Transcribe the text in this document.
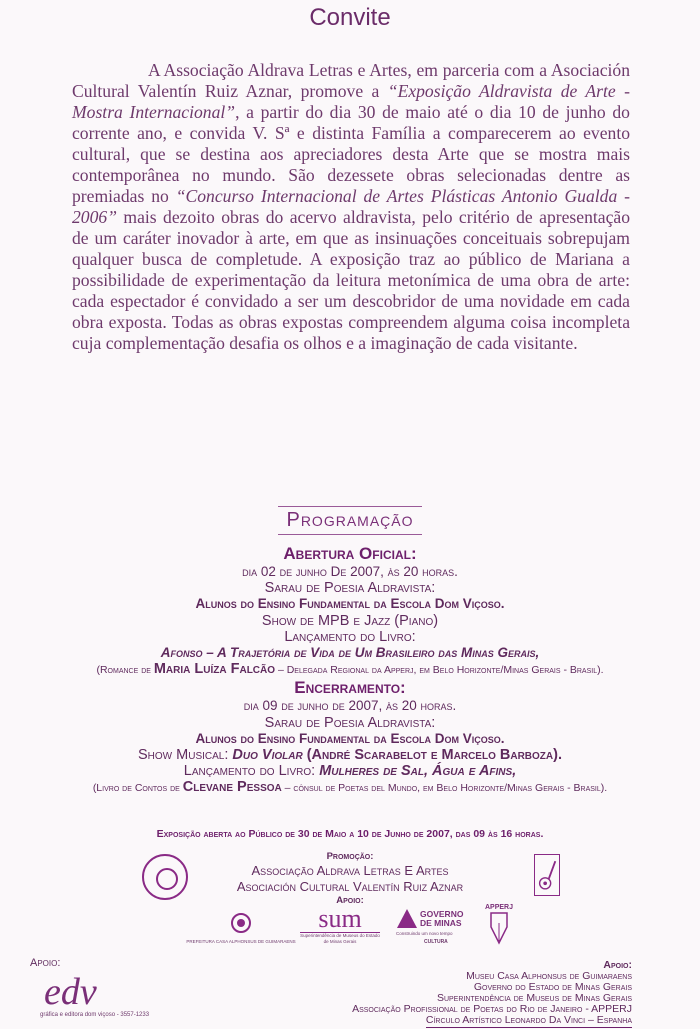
Convite
A Associação Aldrava Letras e Artes, em parceria com a Asociación Cultural Valentín Ruiz Aznar, promove a “Exposição Aldravista de Arte - Mostra Internacional”, a partir do dia 30 de maio até o dia 10 de junho do corrente ano, e convida V. Sª e distinta Família a comparecerem ao evento cultural, que se destina aos apreciadores desta Arte que se mostra mais contemporânea no mundo. São dezessete obras selecionadas dentre as premiadas no “Concurso Internacional de Artes Plásticas Antonio Gualda - 2006” mais dezoito obras do acervo aldravista, pelo critério de apresentação de um caráter inovador à arte, em que as insinuações conceituais sobrepujam qualquer busca de completude. A exposição traz ao público de Mariana a possibilidade de experimentação da leitura metonímica de uma obra de arte: cada espectador é convidado a ser um descobridor de uma novidade em cada obra exposta. Todas as obras expostas compreendem alguma coisa incompleta cuja complementação desafia os olhos e a imaginação de cada visitante.
Programação
Abertura Oficial:
dia 02 de junho De 2007, às 20 horas.
Sarau de Poesia Aldravista:
Alunos do Ensino Fundamental da Escola Dom Viçoso.
Show de MPB e Jazz (Piano)
Lançamento do Livro:
Afonso – A Trajetória de Vida de Um Brasileiro das Minas Gerais,
(Romance de Maria Luíza Falcão – Delegada Regional da Apperj, em Belo Horizonte/Minas Gerais - Brasil).
Encerramento:
dia 09 de junho de 2007, às 20 horas.
Sarau de Poesia Aldravista:
Alunos do Ensino Fundamental da Escola Dom Viçoso.
Show Musical: Duo Violar (André Scarabelot e Marcelo Barboza).
Lançamento do Livro: Mulheres de Sal, Água e Afins,
(Livro de Contos de Clevane Pessoa – cônsul de Poetas del Mundo, em Belo Horizonte/Minas Gerais - Brasil).
Exposição aberta ao Público de 30 de Maio a 10 de Junho de 2007, das 09 às 16 horas.
Promoção:
Associação Aldrava Letras E Artes
Asociación Cultural Valentín Ruiz Aznar
Apoio:
PREFEITURA CASA ALPHONSUS DE GUIMARAENS
sum
Superintendência de Museus do Estado de Minas Gerais
GOVERNO
DE MINAS
Construindo um novo tempo
CULTURA
APPERJ
Apoio:
edv
gráfica e editora dom viçoso - 3557-1233
Apoio:
Museu Casa Alphonsus de Guimaraens
Governo do Estado de Minas Gerais
Superintendência de Museus de Minas Gerais
Associação Profissional de Poetas do Rio de Janeiro - APPERJ
Círculo Artístico Leonardo Da Vinci – Espanha
